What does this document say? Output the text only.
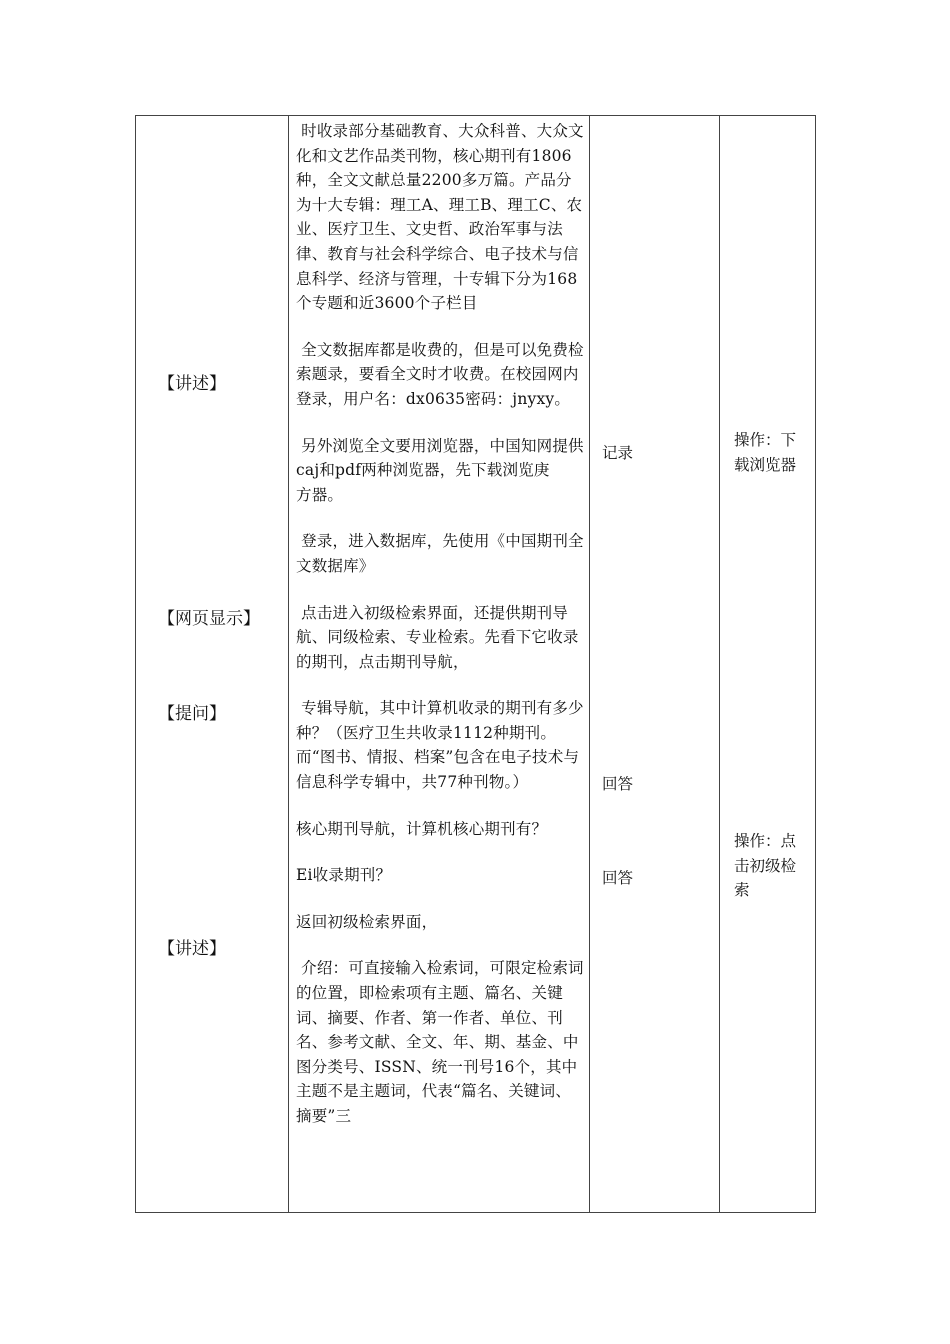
【讲述】
【网页显示】
【提问】
【讲述】

时收录部分基础教育、大众科普、大众文化和文艺作品类刊物，核心期刊有1806种，全文文献总量2200多万篇。产品分为十大专辑：理工A、理工B、理工C、农业、医疗卫生、文史哲、政治军事与法律、教育与社会科学综合、电子技术与信息科学、经济与管理，十专辑下分为168个专题和近3600个子栏目

全文数据库都是收费的，但是可以免费检索题录，要看全文时才收费。在校园网内登录，用户名：dx0635密码：jnyxy。

另外浏览全文要用浏览器，中国知网提供caj和pdf两种浏览器，先下载浏览庚
方器。

登录，进入数据库，先使用《中国期刊全文数据库》

点击进入初级检索界面，还提供期刊导航、同级检索、专业检索。先看下它收录的期刊，点击期刊导航，

专辑导航，其中计算机收录的期刊有多少种？（医疗卫生共收录1112种期刊。而“图书、情报、档案”包含在电子技术与信息科学专辑中，共77种刊物。）

核心期刊导航，计算机核心期刊有？

Ei收录期刊？

返回初级检索界面，

介绍：可直接输入检索词，可限定检索词的位置，即检索项有主题、篇名、关键词、摘要、作者、第一作者、单位、刊名、参考文献、全文、年、期、基金、中图分类号、ISSN、统一刊号16个，其中主题不是主题词，代表“篇名、关键词、摘要”三

记录
回答
回答
操作：下载浏览器
操作：点击初级检索
